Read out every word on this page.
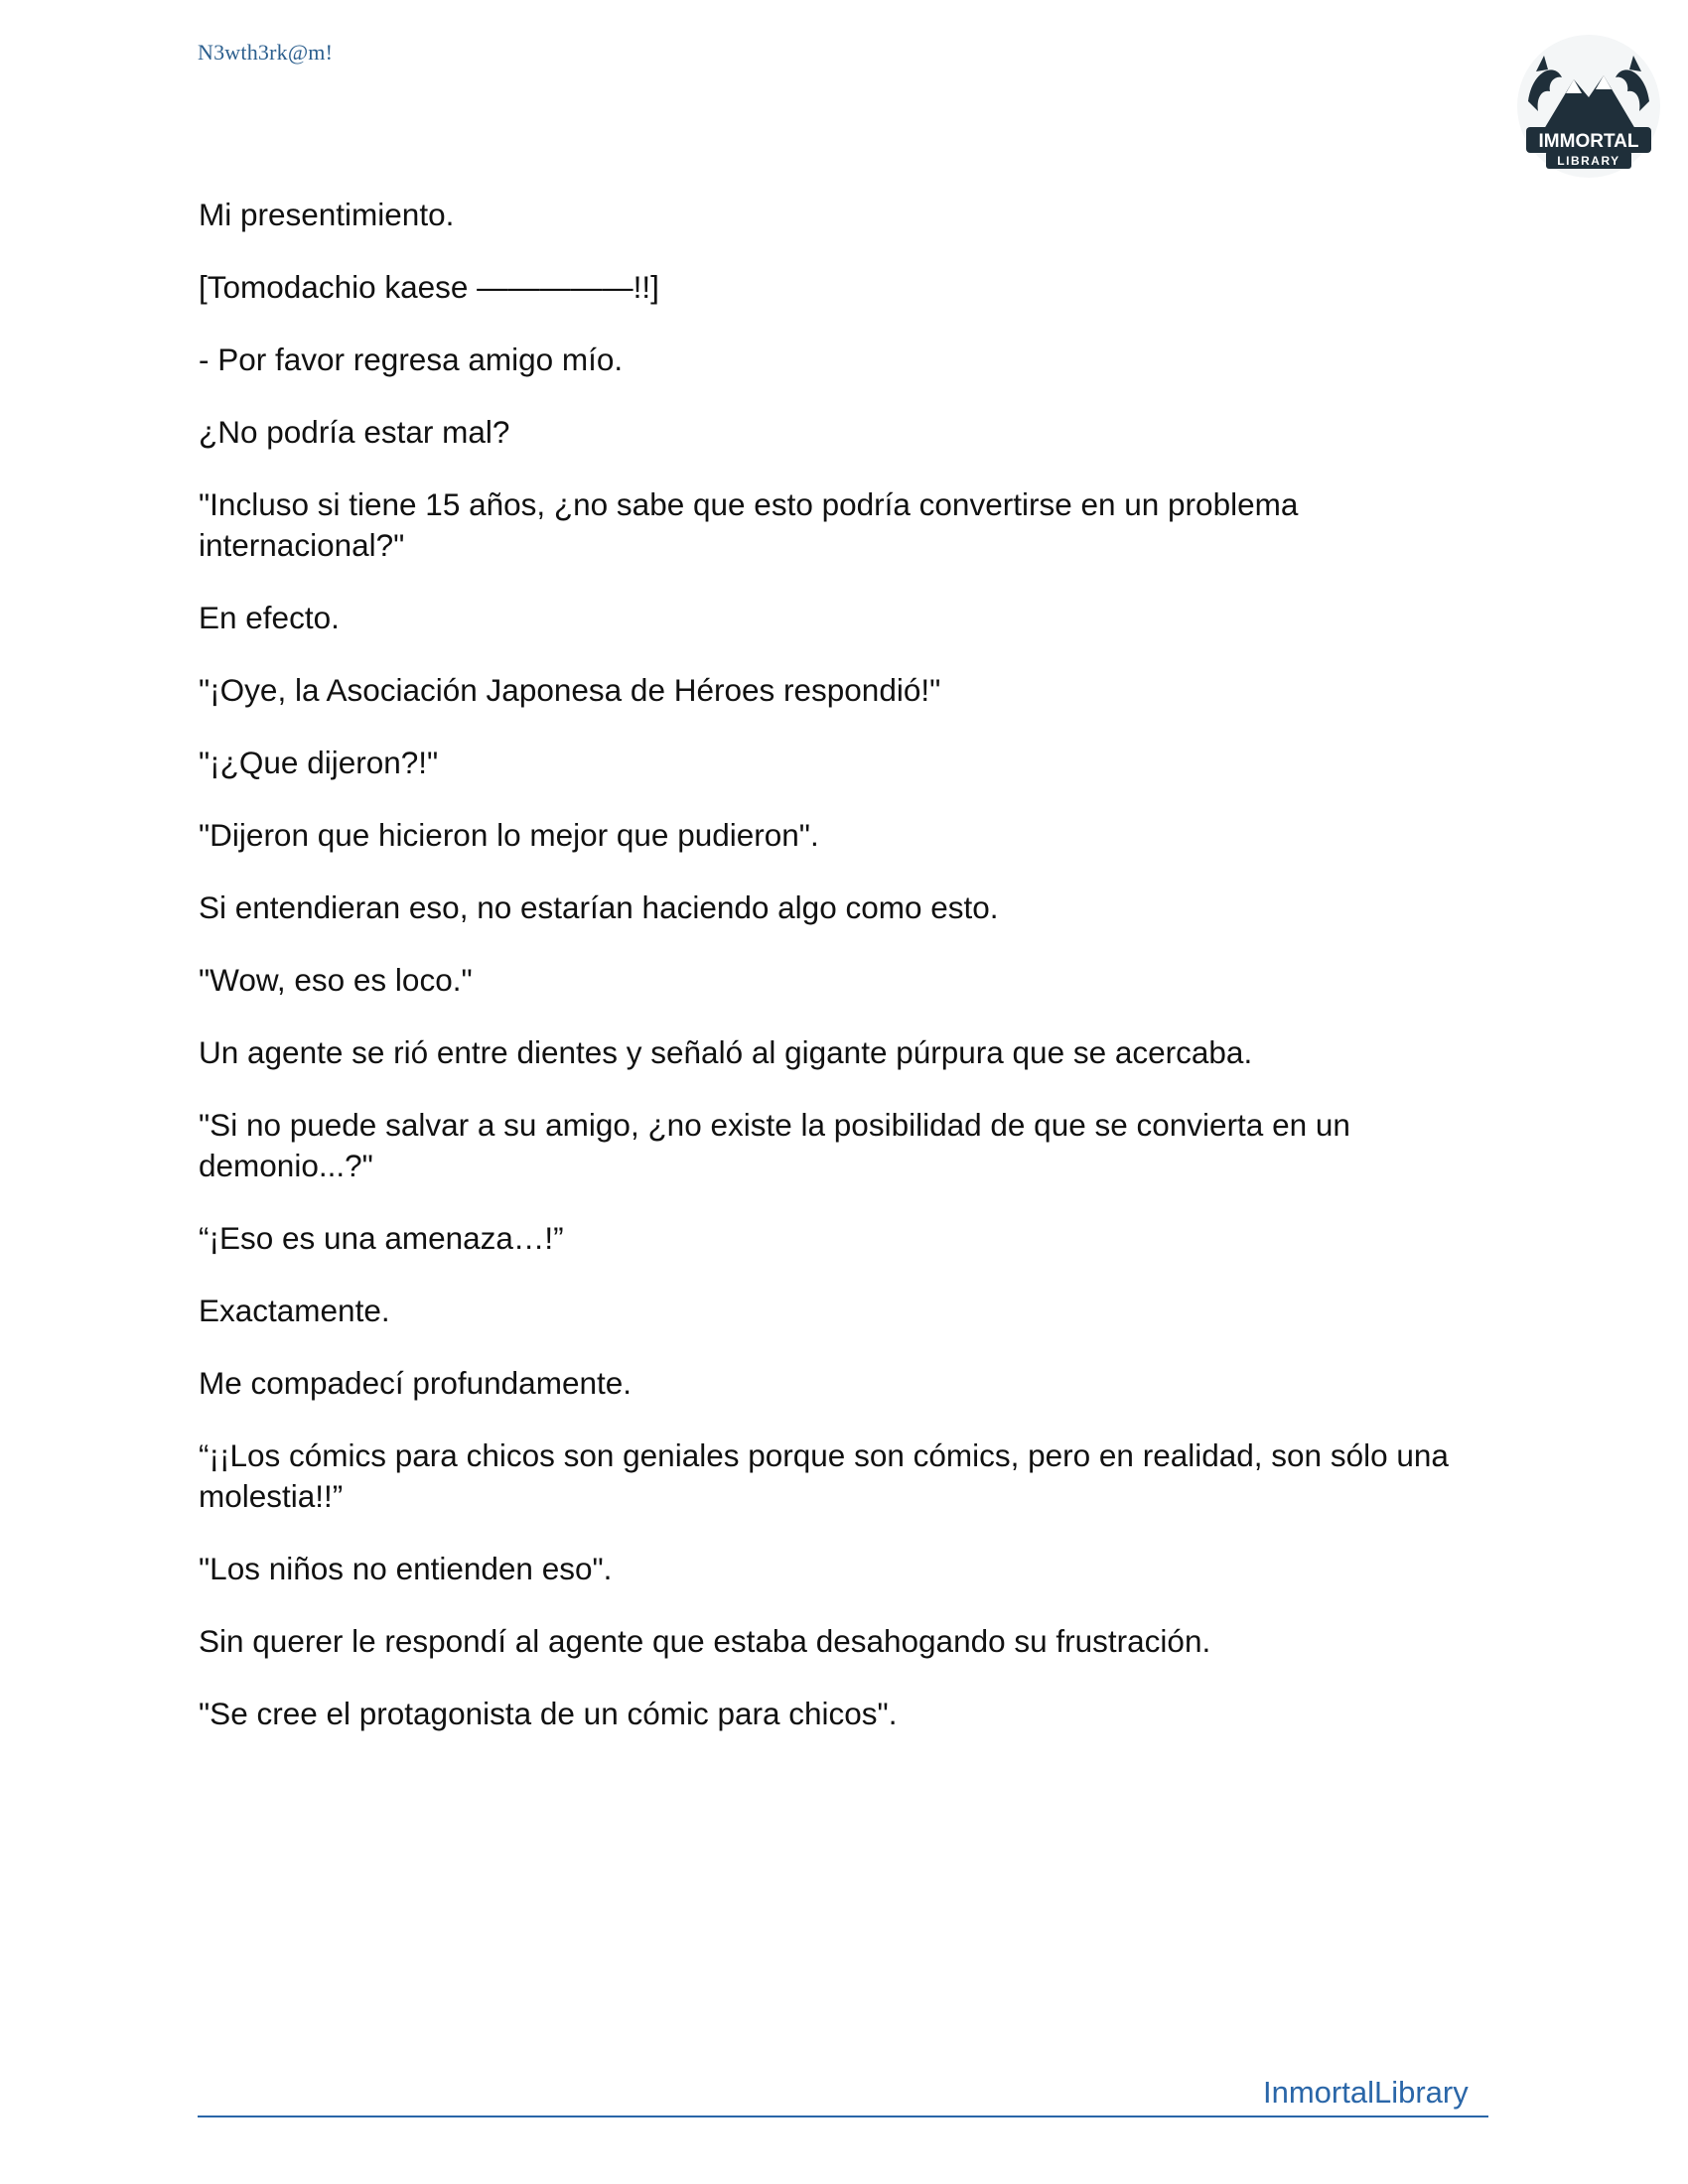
N3wth3rk@m!
IMMORTAL
LIBRARY

Mi presentimiento.

[Tomodachio kaese ―――――!!]

- Por favor regresa amigo mío.

¿No podría estar mal?

"Incluso si tiene 15 años, ¿no sabe que esto podría convertirse en un problema internacional?"

En efecto.

"¡Oye, la Asociación Japonesa de Héroes respondió!"

"¡¿Que dijeron?!"

"Dijeron que hicieron lo mejor que pudieron".

Si entendieran eso, no estarían haciendo algo como esto.

"Wow, eso es loco."

Un agente se rió entre dientes y señaló al gigante púrpura que se acercaba.

"Si no puede salvar a su amigo, ¿no existe la posibilidad de que se convierta en un demonio...?"

“¡Eso es una amenaza…!”

Exactamente.

Me compadecí profundamente.

“¡¡Los cómics para chicos son geniales porque son cómics, pero en realidad, son sólo una molestia!!”

"Los niños no entienden eso".

Sin querer le respondí al agente que estaba desahogando su frustración.

"Se cree el protagonista de un cómic para chicos".

InmortalLibrary
